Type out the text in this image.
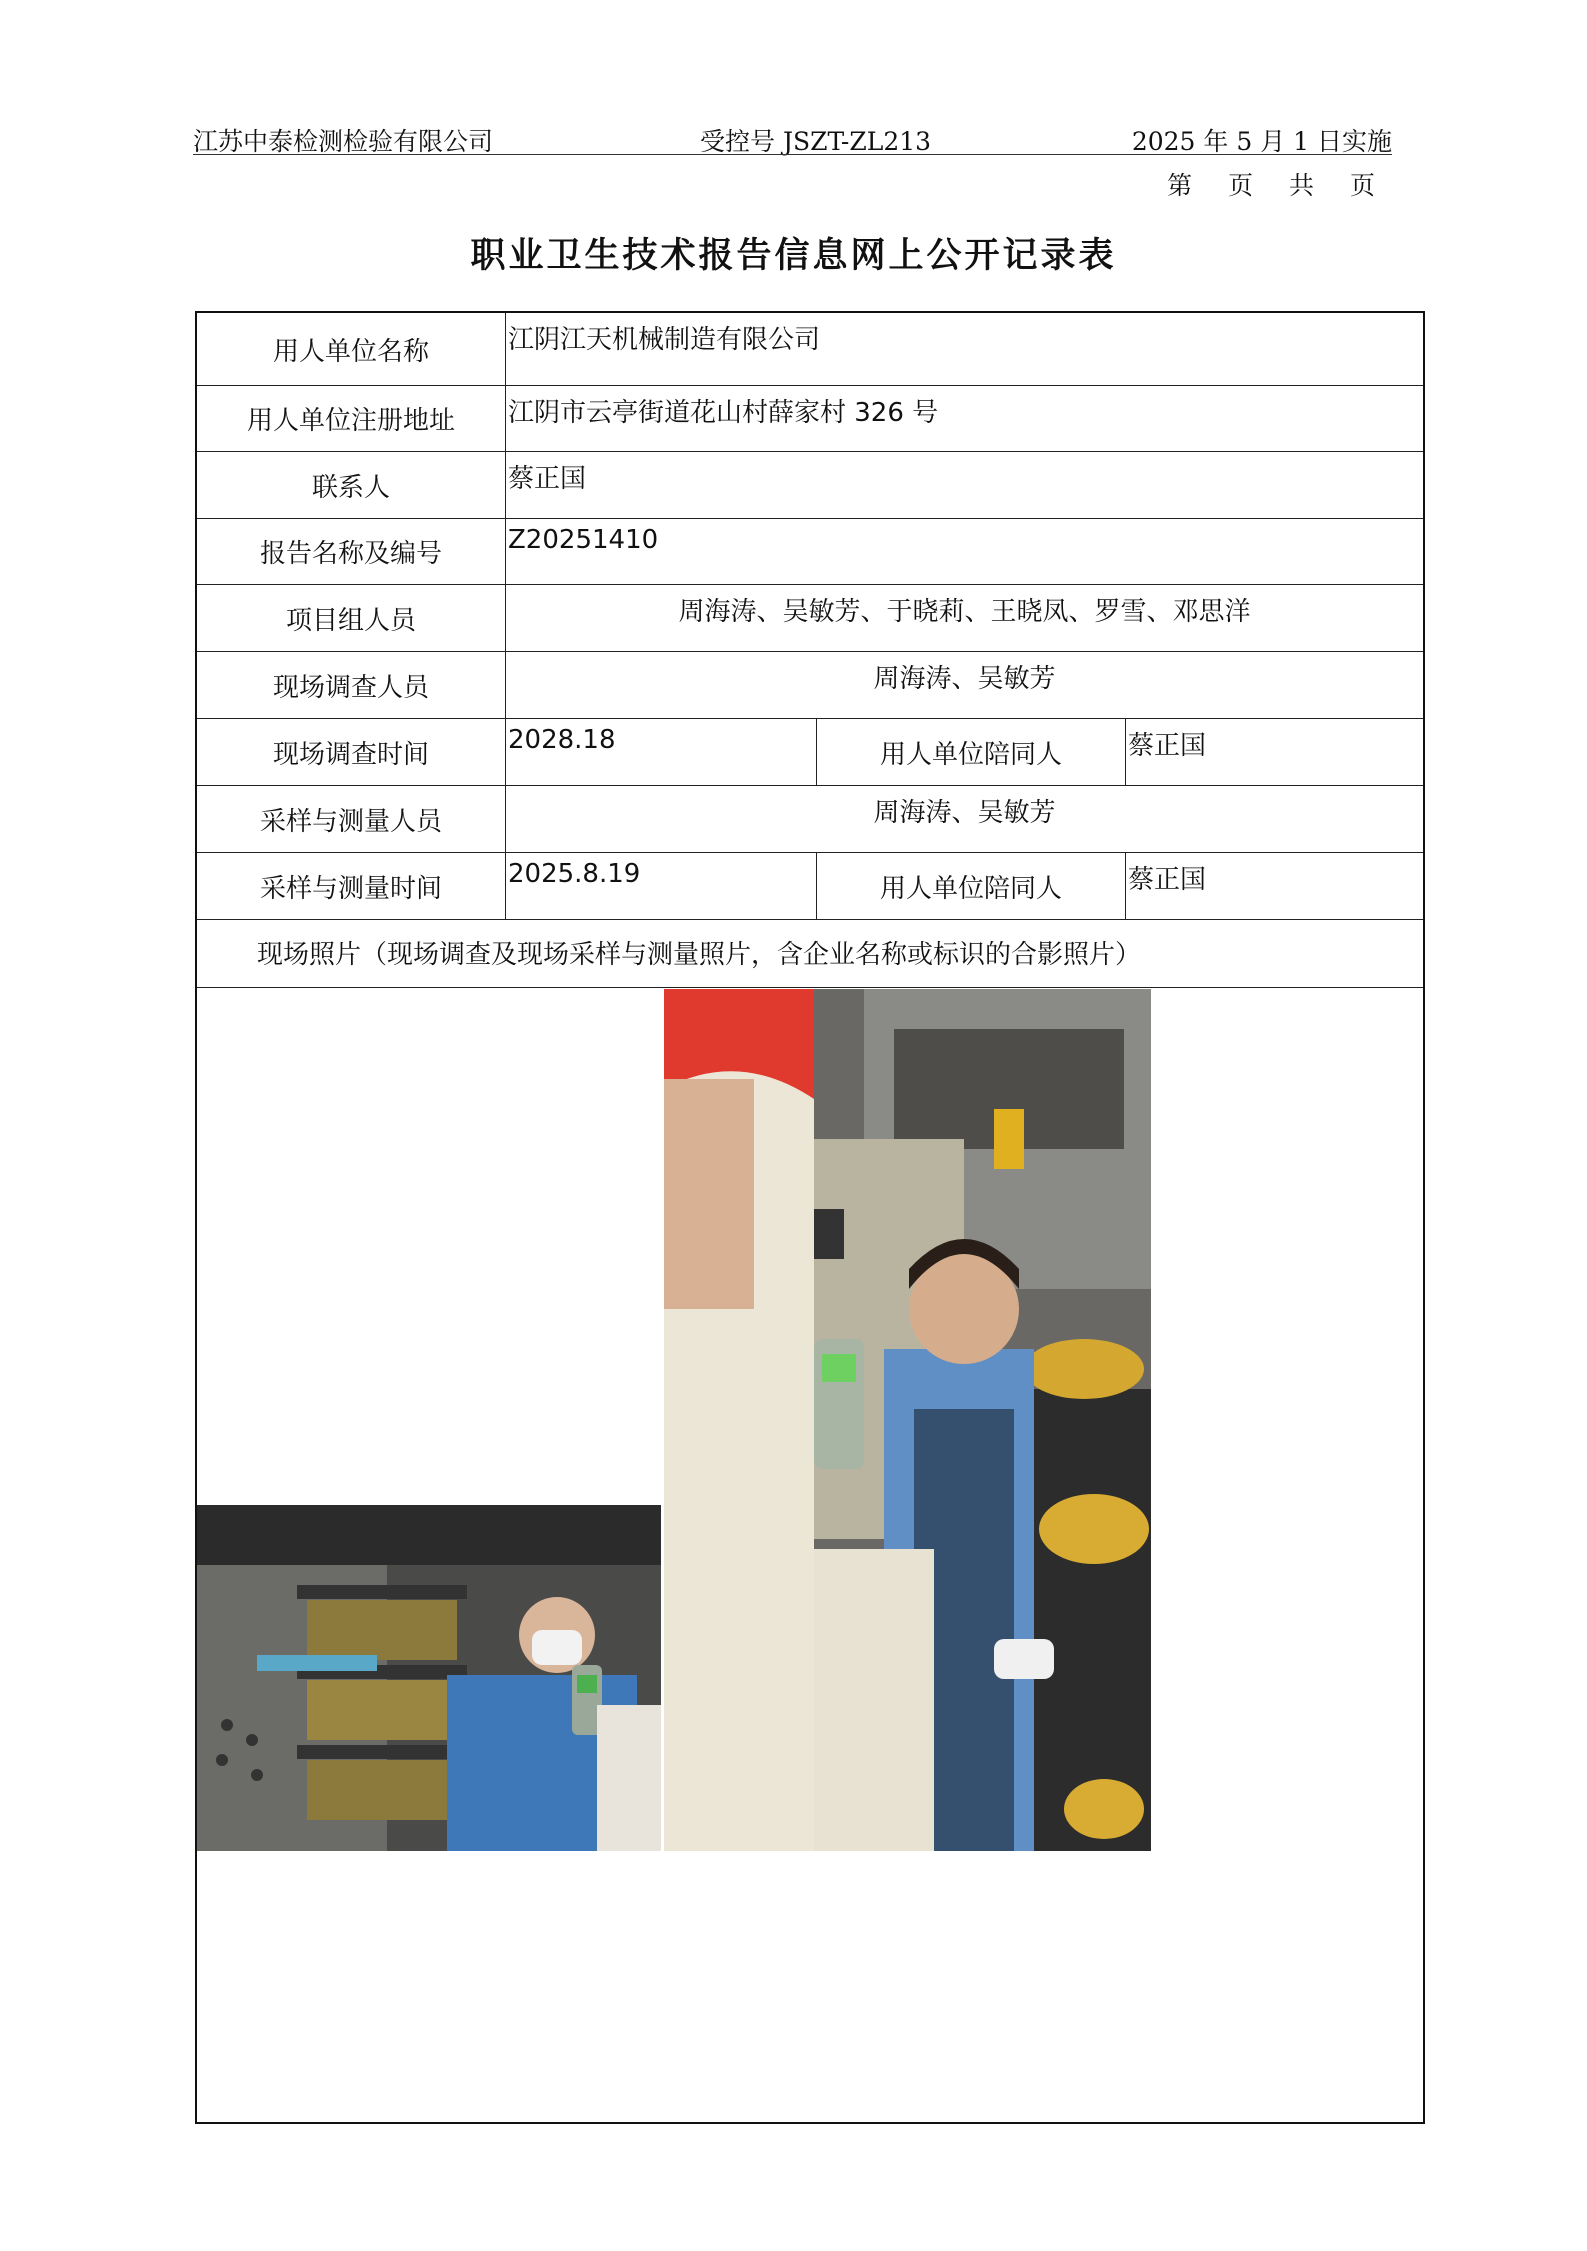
江苏中泰检测检验有限公司	受控号 JSZT-ZL213	2025 年 5 月 1 日实施
第 页 共 页
职业卫生技术报告信息网上公开记录表
用人单位名称	江阴江天机械制造有限公司
用人单位注册地址	江阴市云亭街道花山村薛家村 326 号
联系人	蔡正国
报告名称及编号	Z20251410
项目组人员	周海涛、吴敏芳、于晓莉、王晓凤、罗雪、邓思洋
现场调查人员	周海涛、吴敏芳
现场调查时间	2028.18	用人单位陪同人	蔡正国
采样与测量人员	周海涛、吴敏芳
采样与测量时间	2025.8.19	用人单位陪同人	蔡正国
现场照片（现场调查及现场采样与测量照片，含企业名称或标识的合影照片）
